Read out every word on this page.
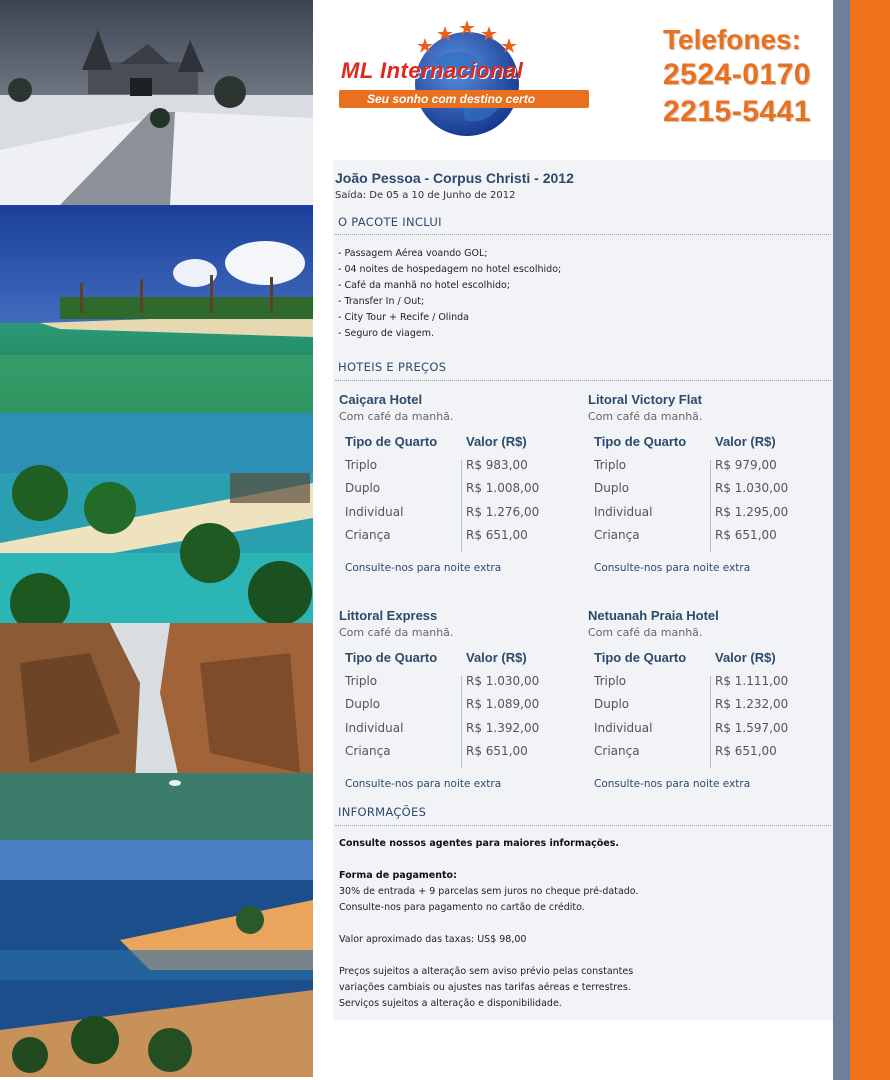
ML Internacional
Seu sonho com destino certo
Telefones:
2524-0170
2215-5441
João Pessoa - Corpus Christi - 2012
Saída: De 05 a 10 de Junho de 2012
O PACOTE INCLUI
- Passagem Aérea voando GOL;
- 04 noites de hospedagem no hotel escolhido;
- Café da manhã no hotel escolhido;
- Transfer In / Out;
- City Tour + Recife / Olinda
- Seguro de viagem.
HOTEIS E PREÇOS
Caiçara Hotel
Com café da manhã.
Tipo de Quarto Valor (R$)
Triplo	R$ 983,00
Duplo	R$ 1.008,00
Individual	R$ 1.276,00
Criança	R$ 651,00
Consulte-nos para noite extra
Litoral Victory Flat
Com café da manhã.
Tipo de Quarto Valor (R$)
Triplo	R$ 979,00
Duplo	R$ 1.030,00
Individual	R$ 1.295,00
Criança	R$ 651,00
Consulte-nos para noite extra
Littoral Express
Com café da manhã.
Tipo de Quarto Valor (R$)
Triplo	R$ 1.030,00
Duplo	R$ 1.089,00
Individual	R$ 1.392,00
Criança	R$ 651,00
Consulte-nos para noite extra
Netuanah Praia Hotel
Com café da manhã.
Tipo de Quarto Valor (R$)
Triplo	R$ 1.111,00
Duplo	R$ 1.232,00
Individual	R$ 1.597,00
Criança	R$ 651,00
Consulte-nos para noite extra
INFORMAÇÕES

Consulte nossos agentes para maiores informações.

Forma de pagamento:

30% de entrada + 9 parcelas sem juros no cheque pré-datado.

Consulte-nos para pagamento no cartão de crédito.

Valor aproximado das taxas: US$ 98,00

Preços sujeitos a alteração sem aviso prévio pelas constantes

variações cambiais ou ajustes nas tarifas aéreas e terrestres.

Serviços sujeitos a alteração e disponibilidade.
